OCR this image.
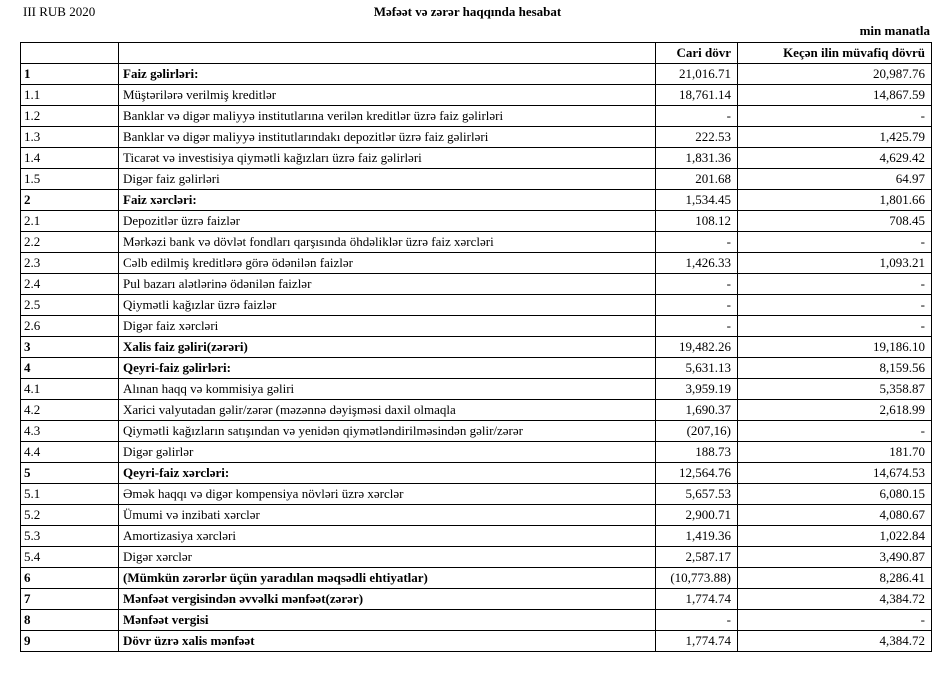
III RUB 2020	Məfəət və zərər haqqında hesabat
min manatla
		Cari dövr	Keçən ilin müvafiq dövrü
1	Faiz gəlirləri:	21,016.71	20,987.76
1.1	Müştərilərə verilmiş kreditlər	18,761.14	14,867.59
1.2	Banklar və digər maliyyə institutlarına verilən kreditlər üzrə faiz gəlirləri	-	-
1.3	Banklar və digər maliyyə institutlarındakı depozitlər üzrə faiz gəlirləri	222.53	1,425.79
1.4	Ticarət və investisiya qiymətli kağızları üzrə faiz gəlirləri	1,831.36	4,629.42
1.5	Digər faiz gəlirləri	201.68	64.97
2	Faiz xərcləri:	1,534.45	1,801.66
2.1	Depozitlər üzrə faizlər	108.12	708.45
2.2	Mərkəzi bank və dövlət fondları qarşısında öhdəliklər üzrə faiz xərcləri	-	-
2.3	Cəlb edilmiş kreditlərə görə ödənilən faizlər	1,426.33	1,093.21
2.4	Pul bazarı alətlərinə ödənilən faizlər	-	-
2.5	Qiymətli kağızlar üzrə faizlər	-	-
2.6	Digər faiz xərcləri	-	-
3	Xalis faiz gəliri(zərəri)	19,482.26	19,186.10
4	Qeyri-faiz gəlirləri:	5,631.13	8,159.56
4.1	Alınan haqq və kommisiya gəliri	3,959.19	5,358.87
4.2	Xarici valyutadan gəlir/zərər (məzənnə dəyişməsi daxil olmaqla	1,690.37	2,618.99
4.3	Qiymətli kağızların satışından və yenidən qiymətləndirilməsindən gəlir/zərər	(207,16)	-
4.4	Digər gəlirlər	188.73	181.70
5	Qeyri-faiz xərcləri:	12,564.76	14,674.53
5.1	Əmək haqqı və digər kompensiya növləri üzrə xərclər	5,657.53	6,080.15
5.2	Ümumi və inzibati xərclər	2,900.71	4,080.67
5.3	Amortizasiya xərcləri	1,419.36	1,022.84
5.4	Digər xərclər	2,587.17	3,490.87
6	(Mümkün zərərlər üçün yaradılan məqsədli ehtiyatlar)	(10,773.88)	8,286.41
7	Mənfəət vergisindən əvvəlki mənfəət(zərər)	1,774.74	4,384.72
8	Mənfəət vergisi	-	-
9	Dövr üzrə xalis mənfəət	1,774.74	4,384.72
